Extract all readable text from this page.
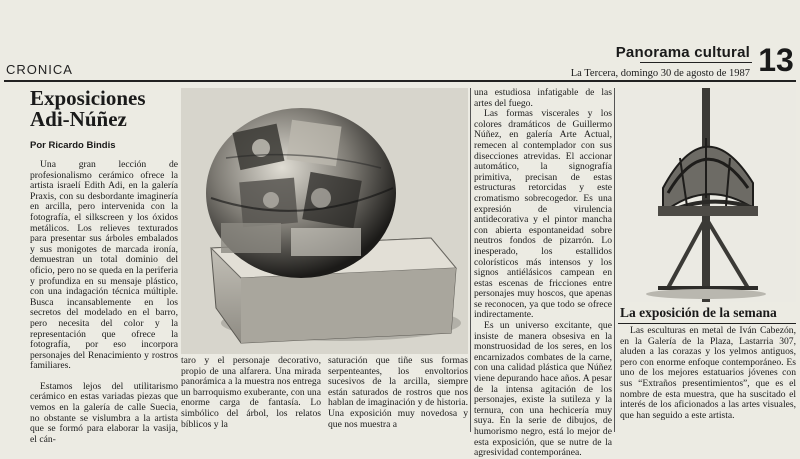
CRONICA
Panorama cultural 13
La Tercera, domingo 30 de agosto de 1987
Exposiciones
Adi-Núñez
Por Ricardo Bindis

Una gran lección de profesionalismo cerámico ofrece la artista israelí Edith Adi, en la galería Praxis, con su desbordante imaginería en arcilla, pero intervenida con la fotografía, el silkscreen y los óxidos metálicos. Los relieves texturados para presentar sus árboles embalados y sus monigotes de marcada ironía, demuestran un total dominio del oficio, pero no se queda en la periferia y profundiza en su mensaje plástico, con una indagación técnica múltiple. Busca incansablemente en los secretos del modelado en el barro, pero necesita del color y la representación que ofrece la fotografía, por eso incorpora personajes del Renacimiento y rostros familiares.

Estamos lejos del utilitarismo cerámico en estas variadas piezas que vemos en la galería de calle Suecia, no obstante se vislumbra a la artista que se formó para elaborar la vasija, el cán-

taro y el personaje decorativo, propio de una alfarera. Una mirada panorámica a la muestra nos entrega un barroquismo exuberante, con una enorme carga de fantasía. Lo simbólico del árbol, los relatos bíblicos y la

saturación que tiñe sus formas serpenteantes, los envoltorios sucesivos de la arcilla, siempre están saturados de rostros que nos hablan de imaginación y de historia. Una exposición muy novedosa y que nos muestra a

una estudiosa infatigable de las artes del fuego.

Las formas viscerales y los colores dramáticos de Guillermo Núñez, en galería Arte Actual, remecen al contemplador con sus disecciones atrevidas. El accionar automático, la signografía primitiva, precisan de estas estructuras retorcidas y este cromatismo sobrecogedor. Es una expresión de virulencia antidecorativa y el pintor mancha con abierta espontaneidad sobre neutros fondos de pizarrón. Lo inesperado, los estallidos colorísticos más intensos y los signos antiélásicos campean en estas escenas de fricciones entre personajes muy hoscos, que apenas se reconocen, ya que todo se ofrece indirectamente.

Es un universo excitante, que insiste de manera obsesiva en la monstruosidad de los seres, en los encarnizados combates de la carne, con una calidad plástica que Núñez viene depurando hace años. A pesar de la intensa agitación de los personajes, existe la sutileza y la ternura, con una hechicería muy suya. En la serie de dibujos, de humorismo negro, está lo mejor de esta exposición, que se nutre de la agresividad contemporánea.

La exposición de la semana

Las esculturas en metal de Iván Cabezón, en la Galería de la Plaza, Lastarria 307, aluden a las corazas y los yelmos antiguos, pero con enorme enfoque contemporáneo. Es uno de los mejores estatuarios jóvenes con sus “Extraños presentimientos”, que es el nombre de esta muestra, que ha suscitado el interés de los aficionados a las artes visuales, que han seguido a este artista.
